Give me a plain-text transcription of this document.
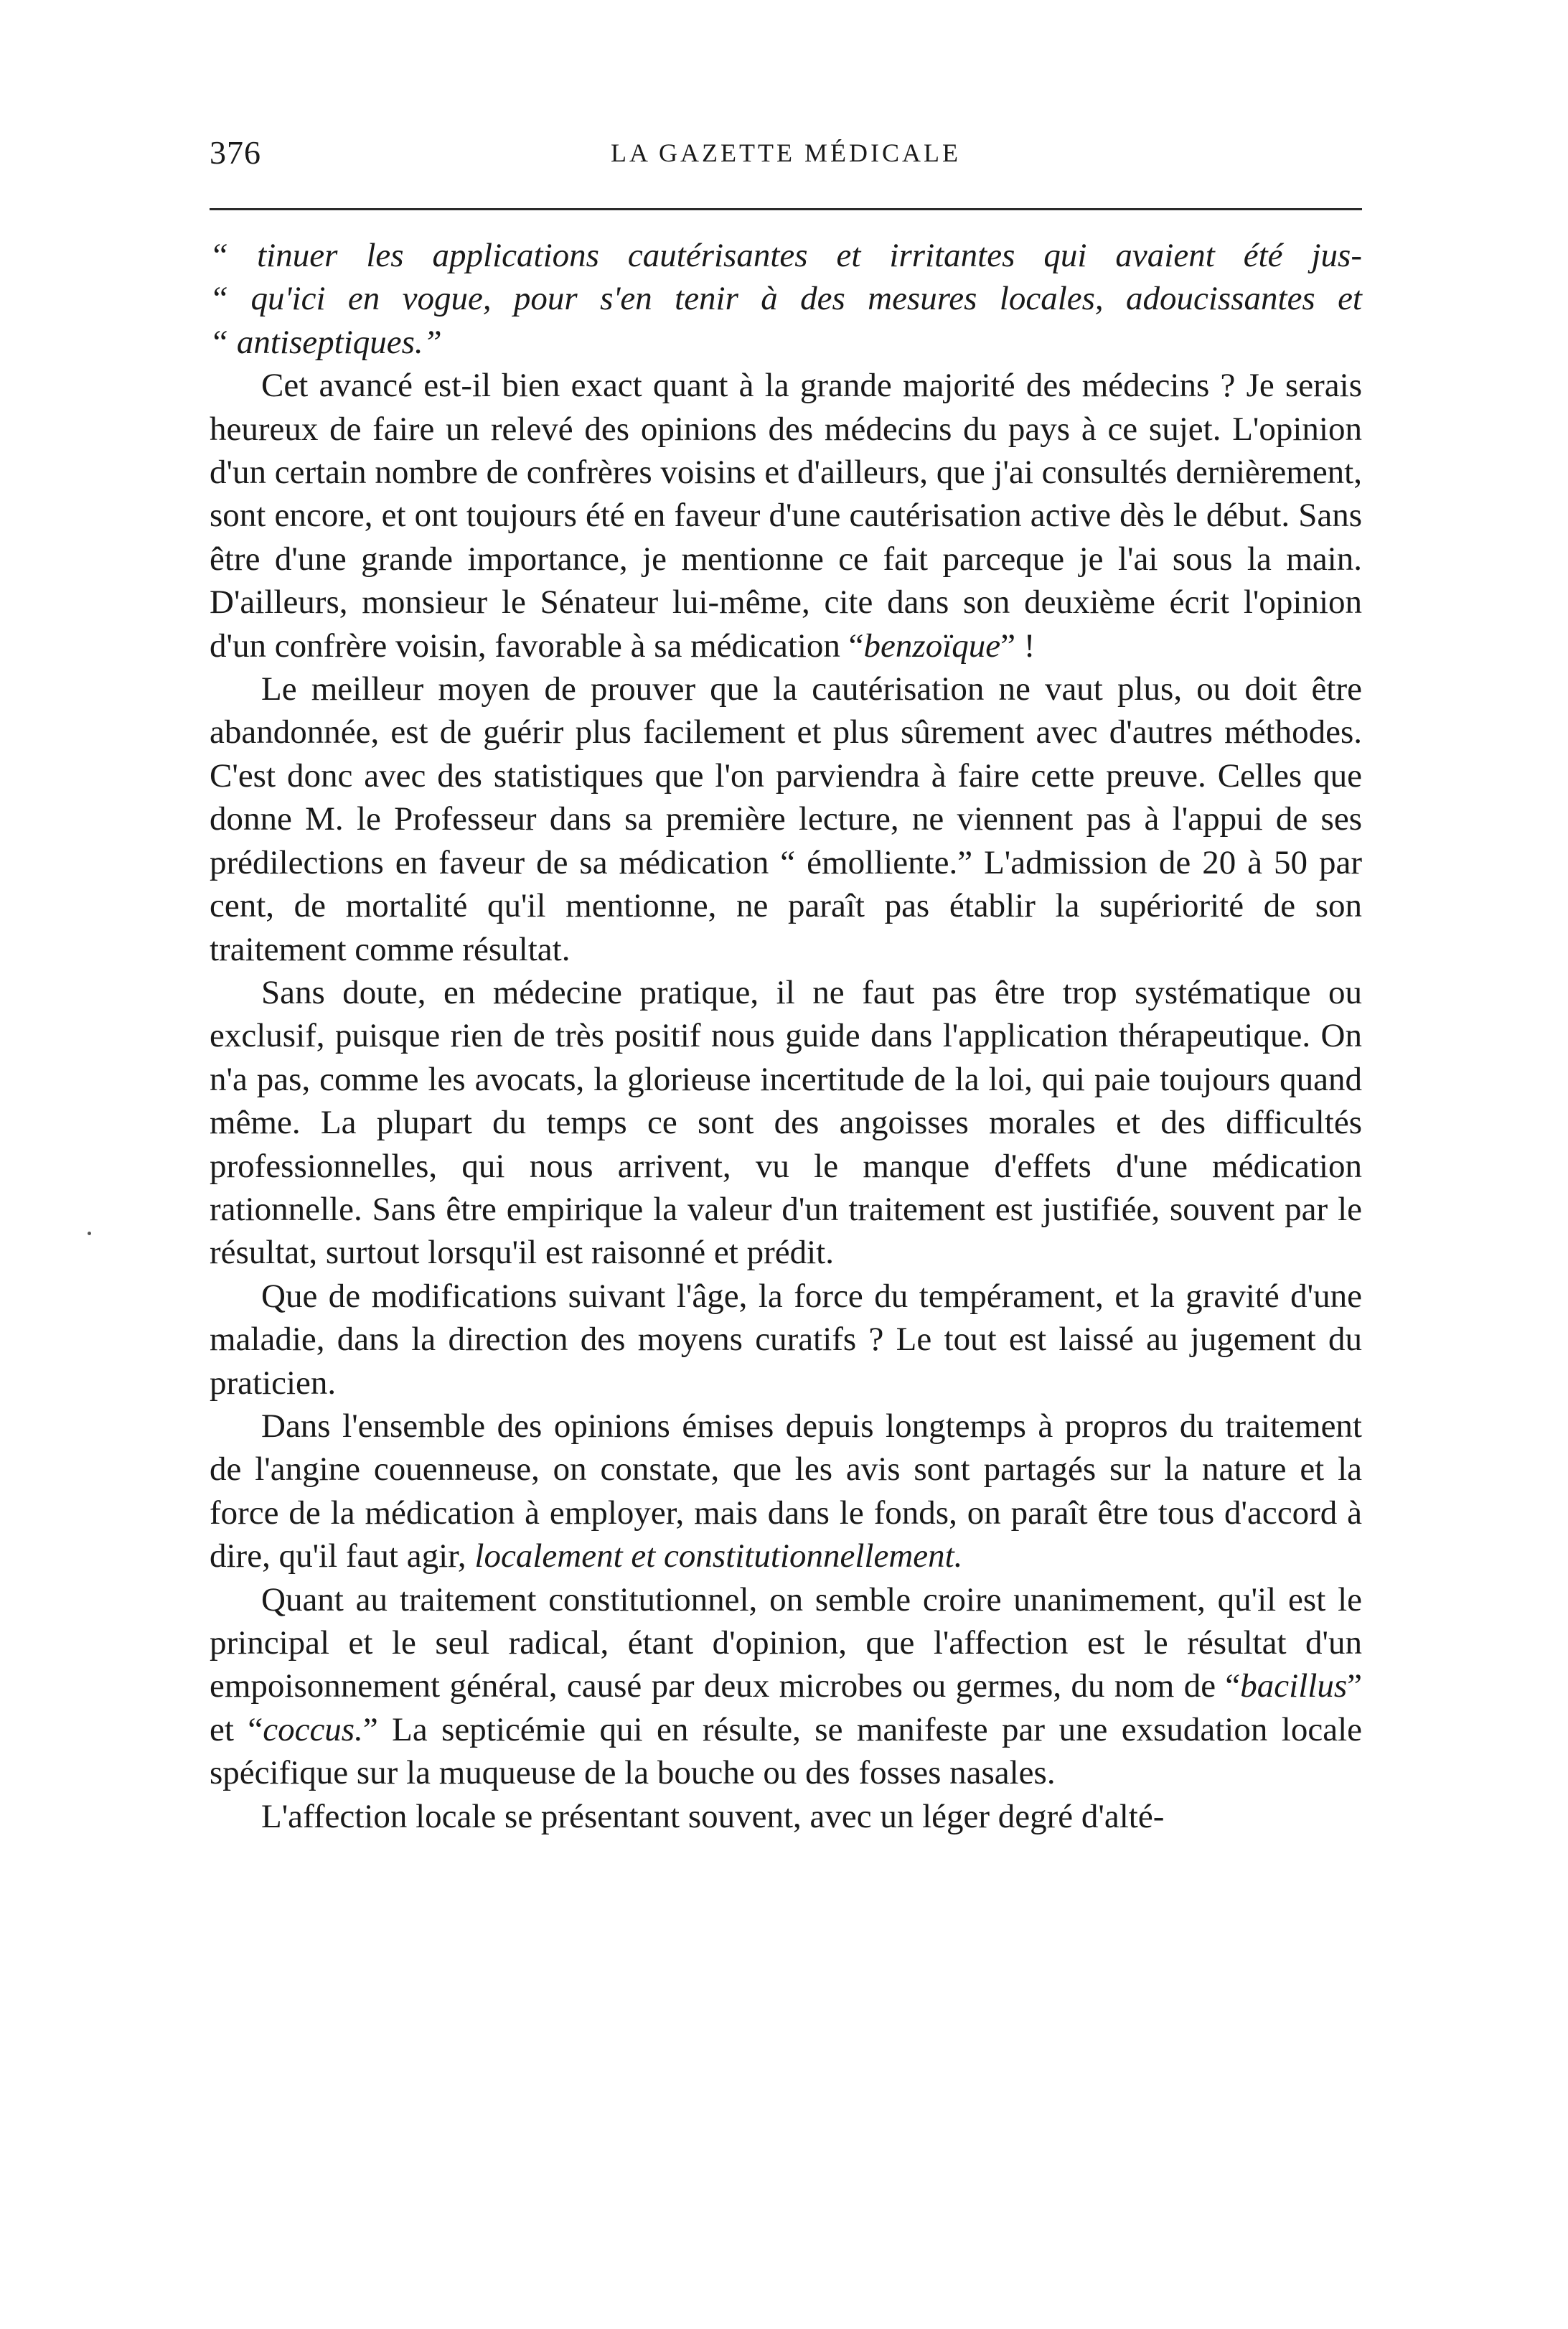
376	LA GAZETTE MÉDICALE

“ tinuer les applications cautérisantes et irritantes qui avaient été jus-
“ qu'ici en vogue, pour s'en tenir à des mesures locales, adoucissantes et
“ antiseptiques.”

Cet avancé est-il bien exact quant à la grande majorité des médecins ? Je serais heureux de faire un relevé des opinions des médecins du pays à ce sujet. L'opinion d'un certain nombre de confrères voisins et d'ailleurs, que j'ai consultés dernièrement, sont encore, et ont toujours été en faveur d'une cautérisation active dès le début. Sans être d'une grande importance, je mentionne ce fait parceque je l'ai sous la main. D'ailleurs, monsieur le Sénateur lui-même, cite dans son deuxième écrit l'opinion d'un confrère voisin, favorable à sa médication “benzoïque” !

Le meilleur moyen de prouver que la cautérisation ne vaut plus, ou doit être abandonnée, est de guérir plus facilement et plus sûrement avec d'autres méthodes. C'est donc avec des statistiques que l'on parviendra à faire cette preuve. Celles que donne M. le Professeur dans sa première lecture, ne viennent pas à l'appui de ses prédilections en faveur de sa médication “ émolliente.” L'admission de 20 à 50 par cent, de mortalité qu'il mentionne, ne paraît pas établir la supériorité de son traitement comme résultat.

Sans doute, en médecine pratique, il ne faut pas être trop systématique ou exclusif, puisque rien de très positif nous guide dans l'application thérapeutique. On n'a pas, comme les avocats, la glorieuse incertitude de la loi, qui paie toujours quand même. La plupart du temps ce sont des angoisses morales et des difficultés professionnelles, qui nous arrivent, vu le manque d'effets d'une médication rationnelle. Sans être empirique la valeur d'un traitement est justifiée, souvent par le résultat, surtout lorsqu'il est raisonné et prédit.

Que de modifications suivant l'âge, la force du tempérament, et la gravité d'une maladie, dans la direction des moyens curatifs ? Le tout est laissé au jugement du praticien.

Dans l'ensemble des opinions émises depuis longtemps à propros du traitement de l'angine couenneuse, on constate, que les avis sont partagés sur la nature et la force de la médication à employer, mais dans le fonds, on paraît être tous d'accord à dire, qu'il faut agir, localement et constitutionnellement.

Quant au traitement constitutionnel, on semble croire unanimement, qu'il est le principal et le seul radical, étant d'opinion, que l'affection est le résultat d'un empoisonnement général, causé par deux microbes ou germes, du nom de “bacillus” et “coccus.” La septicémie qui en résulte, se manifeste par une exsudation locale spécifique sur la muqueuse de la bouche ou des fosses nasales.

L'affection locale se présentant souvent, avec un léger degré d'alté-
